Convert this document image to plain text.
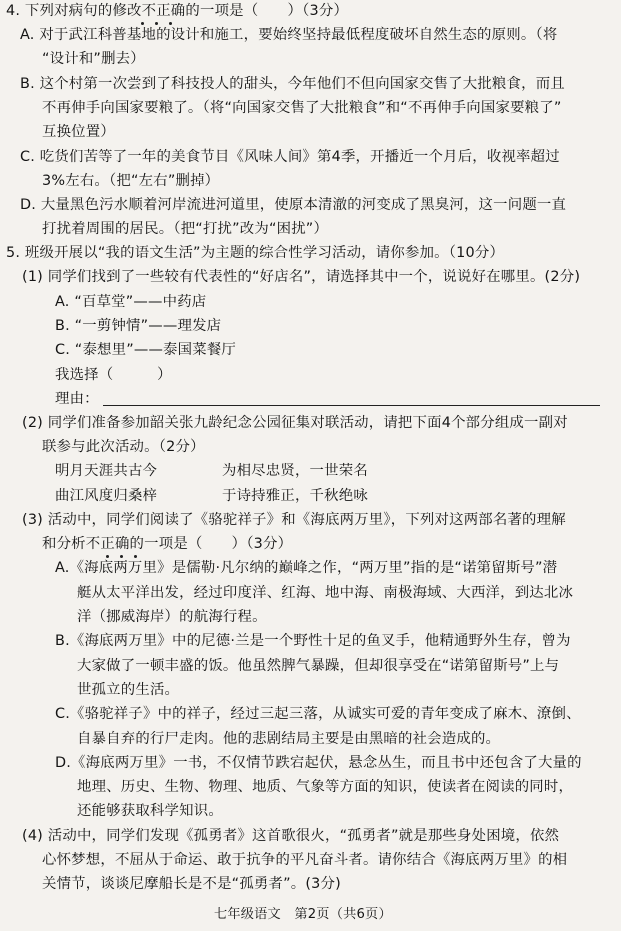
4. 下列对病句的修改不正确的一项是（　　）（3分）
A. 对于武江科普基地的设计和施工，要始终坚持最低程度破坏自然生态的原则。（将
“设计和”删去）
B. 这个村第一次尝到了科技投人的甜头，今年他们不但向国家交售了大批粮食，而且
不再伸手向国家要粮了。（将“向国家交售了大批粮食”和“不再伸手向国家要粮了”
互换位置）
C. 吃货们苦等了一年的美食节目《风味人间》第4季，开播近一个月后，收视率超过
3%左右。（把“左右”删掉）
D. 大量黑色污水顺着河岸流进河道里，使原本清澈的河变成了黑臭河，这一问题一直
打扰着周围的居民。（把“打扰”改为“困扰”）
5. 班级开展以“我的语文生活”为主题的综合性学习活动，请你参加。（10分）
(1) 同学们找到了一些较有代表性的“好店名”，请选择其中一个，说说好在哪里。(2分)
A. “百草堂”——中药店
B. “一剪钟情”——理发店
C. “泰想里”——泰国菜餐厅
我选择（　　　）
理由：
(2) 同学们准备参加韶关张九龄纪念公园征集对联活动，请把下面4个部分组成一副对
联参与此次活动。（2分）
明月天涯共古今	为相尽忠贤，一世荣名
曲江风度归桑梓	于诗持雅正，千秋绝咏
(3) 活动中，同学们阅读了《骆驼祥子》和《海底两万里》，下列对这两部名著的理解
和分析不正确的一项是（　　）（3分）
A.《海底两万里》是儒勒·凡尔纳的巅峰之作，“两万里”指的是“诺第留斯号”潜
艇从太平洋出发，经过印度洋、红海、地中海、南极海域、大西洋，到达北冰
洋（挪威海岸）的航海行程。
B.《海底两万里》中的尼德·兰是一个野性十足的鱼叉手，他精通野外生存，曾为
大家做了一顿丰盛的饭。他虽然脾气暴躁，但却很享受在“诺第留斯号”上与
世孤立的生活。
C.《骆驼祥子》中的祥子，经过三起三落，从诚实可爱的青年变成了麻木、潦倒、
自暴自弃的行尸走肉。他的悲剧结局主要是由黑暗的社会造成的。
D.《海底两万里》一书，不仅情节跌宕起伏，悬念丛生，而且书中还包含了大量的
地理、历史、生物、物理、地质、气象等方面的知识，使读者在阅读的同时，
还能够获取科学知识。
(4) 活动中，同学们发现《孤勇者》这首歌很火，“孤勇者”就是那些身处困境，依然
心怀梦想，不屈从于命运、敢于抗争的平凡奋斗者。请你结合《海底两万里》的相
关情节，谈谈尼摩船长是不是“孤勇者”。(3分)
七年级语文　第2页（共6页）
